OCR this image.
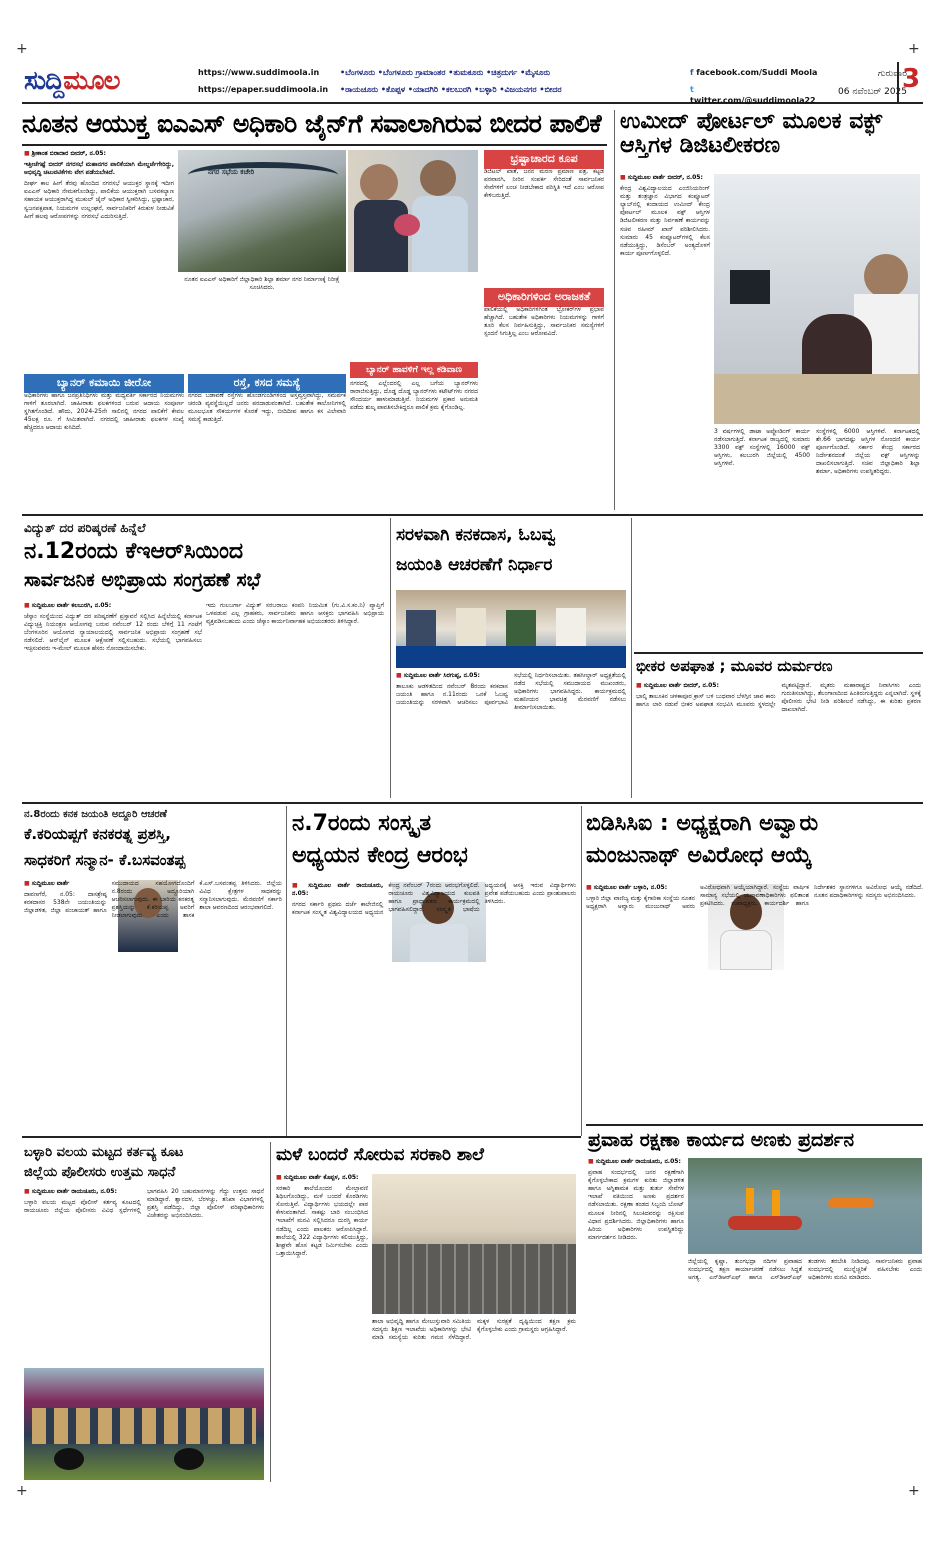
+	+
+	+
ಸುದ್ದಿಮೂಲ	https://www.suddimoola.in
https://epaper.suddimoola.in
•ಬೆಂಗಳೂರು •ಬೆಂಗಳೂರು ಗ್ರಾಮಾಂತರ •ತುಮಕೂರು •ಚಿತ್ರದುರ್ಗ •ಮೈಸೂರು
•ರಾಯಚೂರು •ಕೊಪ್ಪಳ •ಯಾದಗಿರಿ •ಕಲಬುರಗಿ •ಬಳ್ಳಾರಿ •ವಿಜಯನಗರ •ಬೀದರ
f facebook.com/Suddi Moola
t twitter.com/@suddimoola22
ಗುರುವಾರ
06 ನವೆಂಬರ್ 2025
3
ನೂತನ ಆಯುಕ್ತ ಐಎಎಸ್ ಅಧಿಕಾರಿ ಜೈನ್‌ಗೆ ಸವಾಲಾಗಿರುವ ಬೀದರ ಪಾಲಿಕೆ

■ ಶ್ರೀಕಾಂತ ಬಿರಾದಾರ ಬೀದರ್, ನ.05:

ಇತ್ತೀಚೆಗಷ್ಟೆ ಬೀದರ್ ನಗರಸಭೆ ಮಹಾನಗರ ಪಾಲಿಕೆಯಾಗಿ ಮೇಲ್ದರ್ಜೆಗೇರಿದ್ದು, ಅಭಿವೃದ್ಧಿ ಚಟುವಟಿಕೆಗಳು ವೇಗ ಪಡೆಯಬೇಕಿದೆ.

ದೀರ್ಘ ಕಾಲ ಹೀಗೆ ತೆರವು ಹೊಂದಿದ ನಗರಸಭೆ ಆಯುಕ್ತರ ಸ್ಥಾನಕ್ಕೆ ಇದೀಗ ಐಎಎಸ್ ಅಧಿಕಾರಿ ನೇಮಕಗೊಂಡಿದ್ದು, ಪಾಲಿಕೆಯ ಆಯುಕ್ತರಾಗಿ ಬಸವಕಲ್ಯಾಣ ಸಹಾಯಕ ಆಯುಕ್ತರಾಗಿದ್ದ ಮುಕುಲ್ ಜೈನ್ ಅಧಿಕಾರ ಸ್ವೀಕರಿಸಿದ್ದು, ಭ್ರಷ್ಟಾಚಾರ, ಸ್ವಜನಪಕ್ಷಪಾತ, ನಿಯಮಗಳ ಉಲ್ಲಂಘನೆ, ಸಾರ್ವಜನಿಕರಿಗೆ ಕಿರುಕುಳ ನೀಡುವಿಕೆ ಹೀಗೆ ಹಲವು ಆರೋಪಗಳನ್ನು ನಗರಸಭೆ ಎದುರಿಸುತ್ತಿದೆ.

ನಗರ ಸಭೆಯ ಕಚೇರಿ
ನೂತನ ಐಎಎಸ್ ಅಧಿಕಾರಿಗೆ ಜಿಲ್ಲಾಧಿಕಾರಿ ಶಿಲ್ಪಾ ಶರ್ಮಾ ನಗರ ನಿರ್ಮಾಣಕ್ಕೆ ನಿರೀಕ್ಷೆ ಸೂಚಿಸಿದರು.
ಭ್ರಷ್ಟಾಚಾರದ ಕೂಪ

ಡಿಜಿಟಲ್ ಖಾತೆ, ಜನನ ಮರಣ ಪ್ರಮಾಣ ಪತ್ರ, ಕಟ್ಟಡ ಪರವಾನಗಿ, ನೀರಿನ ಸಂಪರ್ಕ ಸೇರಿದಂತೆ ಸಾರ್ವಜನಿಕರ ಸೇವೆಗಳಿಗೆ ಲಂಚ ನೀಡಬೇಕಾದ ಪರಿಸ್ಥಿತಿ ಇದೆ ಎಂಬ ಆರೋಪ ಕೇಳಿಬರುತ್ತಿದೆ.

ಅಧಿಕಾರಿಗಳಿಂದ ಅರಾಜಕತೆ

ಪಾಲಿಕೆಯಲ್ಲಿ ಅಧಿಕಾರಿಗಳಿಗಿಂತ ಬ್ರೋಕರ್‌ಗಳ ಪ್ರಭಾವ ಹೆಚ್ಚಾಗಿದೆ. ಬಹುತೇಕ ಅಧಿಕಾರಿಗಳು ನಿಯಮಗಳನ್ನು ಗಾಳಿಗೆ ತೂರಿ ಕೆಲಸ ನಿರ್ವಹಿಸುತ್ತಿದ್ದು, ಸಾರ್ವಜನಿಕರ ಸಮಸ್ಯೆಗಳಿಗೆ ಸ್ಪಂದನೆ ಸಿಗುತ್ತಿಲ್ಲ ಎಂಬ ಆರೋಪವಿದೆ.

ಬ್ಯಾನರ್ ಕಮಾಯಿ ಜೀರೋ

ಅಧಿಕಾರಿಗಳು ಹಾಗೂ ಜನಪ್ರತಿನಿಧಿಗಳು ಮತ್ತು ಮಧ್ಯವರ್ತಿ ಸರ್ಕಾರದ ನಿಯಮಗಳು ಗಾಳಿಗೆ ತೂರಲಾಗಿದೆ. ಜಾಹೀರಾತು ಫಲಕಗಳಿಂದ ಬರುವ ಆದಾಯ ಸಂಪೂರ್ಣ ಸ್ಥಗಿತಗೊಂಡಿದೆ. ಹೌದು, 2024-25ನೇ ಸಾಲಿನಲ್ಲಿ ನಗರದ ಪಾಲಿಕೆಗೆ ಕೇವಲ 45ಲಕ್ಷ ರೂ. ಗೆ ಸೀಮಿತವಾಗಿದೆ. ನಗರದಲ್ಲಿ ಜಾಹೀರಾತು ಫಲಕಗಳ ಸಂಖ್ಯೆ ಹೆಚ್ಚಿದರೂ ಆದಾಯ ಕುಸಿದಿದೆ.

ರಸ್ತೆ, ಕಸದ ಸಮಸ್ಯೆ

ನಗರದ ಬಡಾವಣೆ ರಸ್ತೆಗಳು ಹೊಂಡಗುಂಡಿಗಳಿಂದ ಅಸ್ತವ್ಯಸ್ತವಾಗಿದ್ದು, ಸಮರ್ಪಕ ಚರಂಡಿ ವ್ಯವಸ್ಥೆಯಿಲ್ಲದೆ ಜನರು ಪರದಾಡುವಂತಾಗಿದೆ. ಬಹುತೇಕ ಕಾಲೋನಿಗಳಲ್ಲಿ ಮೂಲಭೂತ ಸೌಕರ್ಯಗಳ ಕೊರತೆ ಇದ್ದು, ಬೀದಿದೀಪ ಹಾಗೂ ಕಸ ವಿಲೇವಾರಿ ಸಮಸ್ಯೆ ಕಾಡುತ್ತಿದೆ.

ಬ್ಯಾನರ್ ಹಾವಳಿಗೆ ಇಲ್ಲ ಕಡಿವಾಣ

ನಗರದಲ್ಲಿ ಎಲ್ಲೆಂದರಲ್ಲಿ ಎಲ್ಲ ಬಗೆಯ ಬ್ಯಾನರ್‌ಗಳು ರಾರಾಜಿಸುತ್ತಿದ್ದು, ದೊಡ್ಡ ದೊಡ್ಡ ಬ್ಯಾನರ್‌ಗಳು ಕಟೌಟ್‌ಗಳು ನಗರದ ಸೌಂದರ್ಯ ಹಾಳುಮಾಡುತ್ತಿವೆ. ನಿಯಮಗಳ ಪ್ರಕಾರ ಅನುಮತಿ ಪಡೆದು ಶುಲ್ಕ ಪಾವತಿಸಬೇಕಿದ್ದರೂ ಪಾಲಿಕೆ ಕ್ರಮ ಕೈಗೊಂಡಿಲ್ಲ.

ಉಮೀದ್ ಪೋರ್ಟಲ್ ಮೂಲಕ ವಕ್ಫ್ ಆಸ್ತಿಗಳ ಡಿಜಿಟಲೀಕರಣ

■ ಸುದ್ದಿಮೂಲ ವಾರ್ತೆ ಬೀದರ್, ನ.05:

ಕೇಂದ್ರ ವಿಶ್ವವಿದ್ಯಾಲಯದ ಎಂಜಿನಿಯರಿಂಗ್ ಮತ್ತು ತಂತ್ರಜ್ಞಾನ ವಿಭಾಗದ ಕಂಪ್ಯೂಟರ್ ಲ್ಯಾಬ್‌ನಲ್ಲಿ ಕಂದಾಯದ ಉಮೀದ್ ಕೇಂದ್ರ ಪೋರ್ಟಲ್ ಮೂಲಕ ವಕ್ಫ್ ಆಸ್ತಿಗಳ ಡಿಜಿಟಲೀಕರಣ ಮತ್ತು ನಿರ್ವಹಣೆ ಕಾರ್ಯವನ್ನು ಸಚಿವ ರಹೀಮ್ ಖಾನ್ ಪರಿಶೀಲಿಸಿದರು. ಸುಮಾರು 45 ಕಂಪ್ಯೂಟರ್‌ಗಳಲ್ಲಿ ಕೆಲಸ ನಡೆಯುತ್ತಿದ್ದು, ಡಿಸೆಂಬರ್ ಅಂತ್ಯದೊಳಗೆ ಕಾರ್ಯ ಪೂರ್ಣಗೊಳ್ಳಲಿದೆ.

3 ವರ್ಷಗಳಲ್ಲಿ ಡಾಟಾ ಅಪ್ಲೋಡಿಂಗ್ ಕಾರ್ಯ ನಡೆಸಲಾಗುತ್ತಿದೆ. ಕರ್ನಾಟಕ ರಾಜ್ಯದಲ್ಲಿ ಸುಮಾರು 3300 ವಕ್ಫ್ ಸಂಸ್ಥೆಗಳಲ್ಲಿ 16000 ವಕ್ಫ್ ಆಸ್ತಿಗಳು, ಕಲಬುರಗಿ ಜಿಲ್ಲೆಯಲ್ಲಿ 4500 ಆಸ್ತಿಗಳಿವೆ.

ಸಂಸ್ಥೆಗಳಲ್ಲಿ 6000 ಆಸ್ತಿಗಳಿವೆ. ಕರ್ನಾಟಕದಲ್ಲಿ ಶೇ.66 ಭಾಗದಷ್ಟು ಆಸ್ತಿಗಳ ನೋಂದಣಿ ಕಾರ್ಯ ಪೂರ್ಣಗೊಂಡಿದೆ. ಸರ್ಕಾರ ಕೇಂದ್ರ ಸರ್ಕಾರದ ನಿರ್ದೇಶನದಂತೆ ಜಿಲ್ಲೆಯ ವಕ್ಫ್ ಆಸ್ತಿಗಳನ್ನು ದಾಖಲಿಸಲಾಗುತ್ತಿದೆ. ಸಚಿವ ಜಿಲ್ಲಾಧಿಕಾರಿ ಶಿಲ್ಪಾ ಶರ್ಮಾ, ಅಧಿಕಾರಿಗಳು ಉಪಸ್ಥಿತರಿದ್ದರು.

ವಿದ್ಯುತ್ ದರ ಪರಿಷ್ಕರಣೆ ಹಿನ್ನೆಲೆ
ನ.12ರಂದು ಕೆಇಆರ್‌ಸಿಯಿಂದ
ಸಾರ್ವಜನಿಕ ಅಭಿಪ್ರಾಯ ಸಂಗ್ರಹಣೆ ಸಭೆ

■ ಸುದ್ದಿಮೂಲ ವಾರ್ತೆ ಕಲಬುರಗಿ, ನ.05:

ಜೆಸ್ಕಾಂ ಸಂಸ್ಥೆಯಿಂದ ವಿದ್ಯುತ್ ದರ ಪರಿಷ್ಕರಣೆಗೆ ಪ್ರಸ್ತಾವನೆ ಸಲ್ಲಿಸಿದ ಹಿನ್ನೆಲೆಯಲ್ಲಿ ಕರ್ನಾಟಕ ವಿದ್ಯುಚ್ಛಕ್ತಿ ನಿಯಂತ್ರಣ ಆಯೋಗವು ಬರುವ ನವೆಂಬರ್ 12 ರಂದು ಬೆಳಿಗ್ಗೆ 11 ಗಂಟೆಗೆ ಬೆಂಗಳೂರಿನ ಆಯೋಗದ ನ್ಯಾಯಾಲಯದಲ್ಲಿ ಸಾರ್ವಜನಿಕ ಅಭಿಪ್ರಾಯ ಸಂಗ್ರಹಣೆ ಸಭೆ ನಡೆಸಲಿದೆ. ಆನ್‌ಲೈನ್ ಮೂಲಕ ಆಕ್ಷೇಪಣೆ ಸಲ್ಲಿಸಬಹುದು. ಸಭೆಯಲ್ಲಿ ಭಾಗವಹಿಸಲು ಇಚ್ಛಿಸುವವರು ಇ-ಮೇಲ್ ಮೂಲಕ ಹೆಸರು ನೋಂದಾಯಿಸಬೇಕು.

ಇದು ಗುಲಬರ್ಗಾ ವಿದ್ಯುತ್ ಸರಬರಾಜು ಕಂಪನಿ ನಿಯಮಿತ (ಗು.ವಿ.ಸ.ಕಂ.ನಿ) ವ್ಯಾಪ್ತಿಗೆ ಒಳಪಡುವ ಎಲ್ಲ ಗ್ರಾಹಕರು, ಸಾರ್ವಜನಿಕರು ಹಾಗೂ ಆಸಕ್ತರು ಭಾಗವಹಿಸಿ ಅಭಿಪ್ರಾಯ ವ್ಯಕ್ತಪಡಿಸಬಹುದು ಎಂದು ಜೆಸ್ಕಾಂ ಕಾರ್ಯನಿರ್ವಾಹಕ ಅಭಿಯಂತರರು ತಿಳಿಸಿದ್ದಾರೆ.

ಸರಳವಾಗಿ ಕನಕದಾಸ, ಓಬವ್ವ
ಜಯಂತಿ ಆಚರಣೆಗೆ ನಿರ್ಧಾರ

■ ಸುದ್ದಿಮೂಲ ವಾರ್ತೆ ಸಿರಗುಪ್ಪ, ನ.05:

ತಾಲೂಕು ಆಡಳಿತದಿಂದ ನವೆಂಬರ್ 8ರಂದು ಕನಕದಾಸ ಜಯಂತಿ ಹಾಗೂ ನ.11ರಂದು ಒನಕೆ ಓಬವ್ವ ಜಯಂತಿಯನ್ನು ಸರಳವಾಗಿ ಆಚರಿಸಲು ಪೂರ್ವಭಾವಿ ಸಭೆಯಲ್ಲಿ ನಿರ್ಧರಿಸಲಾಯಿತು. ತಹಸೀಲ್ದಾರ್ ಅಧ್ಯಕ್ಷತೆಯಲ್ಲಿ ನಡೆದ ಸಭೆಯಲ್ಲಿ ಸಮುದಾಯದ ಮುಖಂಡರು, ಅಧಿಕಾರಿಗಳು ಭಾಗವಹಿಸಿದ್ದರು. ಕಾರ್ಯಕ್ರಮದಲ್ಲಿ ಮಹನೀಯರ ಭಾವಚಿತ್ರ ಮೆರವಣಿಗೆ ನಡೆಸಲು ತೀರ್ಮಾನಿಸಲಾಯಿತು.

ಭೀಕರ ಅಪಘಾತ ; ಮೂವರ ದುರ್ಮರಣ

■ ಸುದ್ದಿಮೂಲ ವಾರ್ತೆ ಬೀದರ್, ನ.05:

ಭಾಲ್ಕಿ ತಾಲೂಕಿನ ಚಳಕಾಪೂರ ಕ್ರಾಸ್ ಬಳಿ ಬುಧವಾರ ಬೆಳಗ್ಗಿನ ಜಾವ ಕಾರು ಹಾಗೂ ಲಾರಿ ನಡುವೆ ಭೀಕರ ಅಪಘಾತ ಸಂಭವಿಸಿ ಮೂವರು ಸ್ಥಳದಲ್ಲೇ ಮೃತಪಟ್ಟಿದ್ದಾರೆ. ಮೃತರು ಮಹಾರಾಷ್ಟ್ರದ ನಿವಾಸಿಗಳು ಎಂದು ಗುರುತಿಸಲಾಗಿದ್ದು, ತೆಲಂಗಾಣದಿಂದ ಹಿಂತಿರುಗುತ್ತಿದ್ದರು ಎನ್ನಲಾಗಿದೆ. ಸ್ಥಳಕ್ಕೆ ಪೊಲೀಸರು ಭೇಟಿ ನೀಡಿ ಪರಿಶೀಲನೆ ನಡೆಸಿದ್ದು, ಈ ಕುರಿತು ಪ್ರಕರಣ ದಾಖಲಾಗಿದೆ.

ನ.8ರಂದು ಕನಕ ಜಯಂತಿ ಅದ್ದೂರಿ ಆಚರಣೆ
ಕೆ.ಕರಿಯಪ್ಪಗೆ ಕನಕರತ್ನ ಪ್ರಶಸ್ತಿ,
ಸಾಧಕರಿಗೆ ಸನ್ಮಾನ- ಕೆ.ಬಸವಂತಪ್ಪ

■ ಸುದ್ದಿಮೂಲ ವಾರ್ತೆ

ದಾವಣಗೆರೆ, ನ.05: ದಾಸಶ್ರೇಷ್ಠ ಕನಕದಾಸರ 538ನೇ ಜಯಂತಿಯನ್ನು ಜಿಲ್ಲಾಡಳಿತ, ಜಿಲ್ಲಾ ಪಂಚಾಯತ್ ಹಾಗೂ ಸಮುದಾಯದ ಸಹಯೋಗದೊಂದಿಗೆ ನ.8ರಂದು ಅದ್ದೂರಿಯಾಗಿ ಆಚರಿಸಲಾಗುವುದು. ಈ ಬಾರಿಯ ಕನಕರತ್ನ ಪ್ರಶಸ್ತಿಯನ್ನು ಕೆ.ಕರಿಯಪ್ಪ ಅವರಿಗೆ ನೀಡಲಾಗುವುದು ಎಂದು ಶಾಸಕ ಕೆ.ಎಸ್.ಬಸವಂತಪ್ಪ ತಿಳಿಸಿದರು. ಜಿಲ್ಲೆಯ ವಿವಿಧ ಕ್ಷೇತ್ರಗಳ ಸಾಧಕರನ್ನು ಸನ್ಮಾನಿಸಲಾಗುವುದು. ಮೆರವಣಿಗೆ ಸರ್ಕಾರಿ ಶಾಲಾ ಆವರಣದಿಂದ ಆರಂಭವಾಗಲಿದೆ.

ನ.7ರಂದು ಸಂಸ್ಕೃತ
ಅಧ್ಯಯನ ಕೇಂದ್ರ ಆರಂಭ

■ ಸುದ್ದಿಮೂಲ ವಾರ್ತೆ ರಾಯಚೂರು, ನ.05:

ನಗರದ ಸರ್ಕಾರಿ ಪ್ರಥಮ ದರ್ಜೆ ಕಾಲೇಜಿನಲ್ಲಿ ಕರ್ನಾಟಕ ಸಂಸ್ಕೃತ ವಿಶ್ವವಿದ್ಯಾಲಯದ ಅಧ್ಯಯನ ಕೇಂದ್ರ ನವೆಂಬರ್ 7ರಂದು ಆರಂಭಗೊಳ್ಳಲಿದೆ. ರಾಯಚೂರು ವಿಶ್ವವಿದ್ಯಾಲಯದ ಕುಲಪತಿ ಹಾಗೂ ಪ್ರಾಧ್ಯಾಪಕರು ಕಾರ್ಯಕ್ರಮದಲ್ಲಿ ಭಾಗವಹಿಸಲಿದ್ದಾರೆ. ಸಂಸ್ಕೃತ ಭಾಷೆಯ ಅಧ್ಯಯನಕ್ಕೆ ಆಸಕ್ತಿ ಇರುವ ವಿದ್ಯಾರ್ಥಿಗಳು ಪ್ರವೇಶ ಪಡೆಯಬಹುದು ಎಂದು ಪ್ರಾಂಶುಪಾಲರು ತಿಳಿಸಿದರು.

ಬಿಡಿಸಿಸಿಐ : ಅಧ್ಯಕ್ಷರಾಗಿ ಅವ್ವಾರು
ಮಂಜುನಾಥ್ ಅವಿರೋಧ ಆಯ್ಕೆ

■ ಸುದ್ದಿಮೂಲ ವಾರ್ತೆ ಬಳ್ಳಾರಿ, ನ.05:

ಬಳ್ಳಾರಿ ಜಿಲ್ಲಾ ವಾಣಿಜ್ಯ ಮತ್ತು ಕೈಗಾರಿಕಾ ಸಂಸ್ಥೆಯ ನೂತನ ಅಧ್ಯಕ್ಷರಾಗಿ ಅವ್ವಾರು ಮಂಜುನಾಥ್ ಅವರು ಅವಿರೋಧವಾಗಿ ಆಯ್ಕೆಯಾಗಿದ್ದಾರೆ. ಸಂಸ್ಥೆಯ ವಾರ್ಷಿಕ ಸಾಮಾನ್ಯ ಸಭೆಯಲ್ಲಿ ಚುನಾವಣಾಧಿಕಾರಿಗಳು ಫಲಿತಾಂಶ ಪ್ರಕಟಿಸಿದರು. ಉಪಾಧ್ಯಕ್ಷರು, ಕಾರ್ಯದರ್ಶಿ ಹಾಗೂ ನಿರ್ದೇಶಕರ ಸ್ಥಾನಗಳಿಗೂ ಅವಿರೋಧ ಆಯ್ಕೆ ನಡೆದಿದೆ. ನೂತನ ಪದಾಧಿಕಾರಿಗಳನ್ನು ಸದಸ್ಯರು ಅಭಿನಂದಿಸಿದರು.

ಪ್ರವಾಹ ರಕ್ಷಣಾ ಕಾರ್ಯದ ಅಣಕು ಪ್ರದರ್ಶನ

■ ಸುದ್ದಿಮೂಲ ವಾರ್ತೆ ರಾಯಚೂರು, ನ.05:

ಪ್ರವಾಹ ಸಂದರ್ಭದಲ್ಲಿ ಜನರ ರಕ್ಷಣೆಗಾಗಿ ಕೈಗೊಳ್ಳಬೇಕಾದ ಕ್ರಮಗಳ ಕುರಿತು ಜಿಲ್ಲಾಡಳಿತ ಹಾಗೂ ಅಗ್ನಿಶಾಮಕ ಮತ್ತು ತುರ್ತು ಸೇವೆಗಳ ಇಲಾಖೆ ವತಿಯಿಂದ ಅಣಕು ಪ್ರದರ್ಶನ ನಡೆಸಲಾಯಿತು. ರಕ್ಷಣಾ ತಂಡದ ಸಿಬ್ಬಂದಿ ಬೋಟ್ ಮೂಲಕ ನೀರಿನಲ್ಲಿ ಸಿಲುಕಿದವರನ್ನು ರಕ್ಷಿಸುವ ವಿಧಾನ ಪ್ರದರ್ಶಿಸಿದರು. ಜಿಲ್ಲಾಧಿಕಾರಿಗಳು ಹಾಗೂ ಹಿರಿಯ ಅಧಿಕಾರಿಗಳು ಉಪಸ್ಥಿತರಿದ್ದು ಮಾರ್ಗದರ್ಶನ ನೀಡಿದರು.

ಜಿಲ್ಲೆಯಲ್ಲಿ ಕೃಷ್ಣಾ, ತುಂಗಭದ್ರಾ ನದಿಗಳ ಪ್ರವಾಹದ ಸಂದರ್ಭದಲ್ಲಿ ತಕ್ಷಣ ಕಾರ್ಯಾಚರಣೆ ನಡೆಸಲು ಸಿದ್ಧತೆ ಅಗತ್ಯ. ಎನ್‌ಡಿಆರ್‌ಎಫ್ ಹಾಗೂ ಎಸ್‌ಡಿಆರ್‌ಎಫ್ ತಂಡಗಳು ತರಬೇತಿ ನೀಡಿದವು. ಸಾರ್ವಜನಿಕರು ಪ್ರವಾಹ ಸಂದರ್ಭದಲ್ಲಿ ಮುನ್ನೆಚ್ಚರಿಕೆ ವಹಿಸಬೇಕು ಎಂದು ಅಧಿಕಾರಿಗಳು ಮನವಿ ಮಾಡಿದರು.

ಬಳ್ಳಾರಿ ವಲಯ ಮಟ್ಟದ ಕರ್ತವ್ಯ ಕೂಟ
ಜಿಲ್ಲೆಯ ಪೊಲೀಸರು ಉತ್ತಮ ಸಾಧನೆ

■ ಸುದ್ದಿಮೂಲ ವಾರ್ತೆ ರಾಯಚೂರು, ನ.05:

ಬಳ್ಳಾರಿ ವಲಯ ಮಟ್ಟದ ಪೊಲೀಸ್ ಕರ್ತವ್ಯ ಕೂಟದಲ್ಲಿ ರಾಯಚೂರು ಜಿಲ್ಲೆಯ ಪೊಲೀಸರು ವಿವಿಧ ಸ್ಪರ್ಧೆಗಳಲ್ಲಿ ಭಾಗವಹಿಸಿ 20 ಬಹುಮಾನಗಳನ್ನು ಗೆದ್ದು ಉತ್ತಮ ಸಾಧನೆ ಮಾಡಿದ್ದಾರೆ. ಶ್ವಾನದಳ, ಬೆರಳಚ್ಚು, ತನಿಖಾ ವಿಭಾಗಗಳಲ್ಲಿ ಪ್ರಶಸ್ತಿ ಪಡೆದಿದ್ದು, ಜಿಲ್ಲಾ ಪೊಲೀಸ್ ವರಿಷ್ಠಾಧಿಕಾರಿಗಳು ವಿಜೇತರನ್ನು ಅಭಿನಂದಿಸಿದರು.

ಮಳೆ ಬಂದರೆ ಸೋರುವ ಸರಕಾರಿ ಶಾಲೆ

■ ಸುದ್ದಿಮೂಲ ವಾರ್ತೆ ಕೊಪ್ಪಳ, ನ.05:

ಸರಕಾರಿ ಶಾಲೆಯೊಂದರ ಮೇಲ್ಛಾವಣಿ ಶಿಥಿಲಗೊಂಡಿದ್ದು, ಮಳೆ ಬಂದರೆ ಕೊಠಡಿಗಳು ಸೋರುತ್ತಿವೆ. ವಿದ್ಯಾರ್ಥಿಗಳು ಭಯದಲ್ಲೇ ಪಾಠ ಕೇಳುವಂತಾಗಿದೆ. ಸಾಕಷ್ಟು ಬಾರಿ ಸಂಬಂಧಿಸಿದ ಇಲಾಖೆಗೆ ಮನವಿ ಸಲ್ಲಿಸಿದರೂ ದುರಸ್ತಿ ಕಾರ್ಯ ನಡೆದಿಲ್ಲ ಎಂದು ಪಾಲಕರು ಆರೋಪಿಸಿದ್ದಾರೆ. ಶಾಲೆಯಲ್ಲಿ 322 ವಿದ್ಯಾರ್ಥಿಗಳು ಕಲಿಯುತ್ತಿದ್ದು, ಶೀಘ್ರವೇ ಹೊಸ ಕಟ್ಟಡ ನಿರ್ಮಿಸಬೇಕು ಎಂದು ಒತ್ತಾಯಿಸಿದ್ದಾರೆ.

ಶಾಲಾ ಅಭಿವೃದ್ಧಿ ಹಾಗೂ ಮೇಲುಸ್ತುವಾರಿ ಸಮಿತಿಯ ಸದಸ್ಯರು ಶಿಕ್ಷಣ ಇಲಾಖೆಯ ಅಧಿಕಾರಿಗಳನ್ನು ಭೇಟಿ ಮಾಡಿ ಸಮಸ್ಯೆಯ ಕುರಿತು ಗಮನ ಸೆಳೆದಿದ್ದಾರೆ. ಮಕ್ಕಳ ಸುರಕ್ಷತೆ ದೃಷ್ಟಿಯಿಂದ ತಕ್ಷಣ ಕ್ರಮ ಕೈಗೊಳ್ಳಬೇಕು ಎಂದು ಗ್ರಾಮಸ್ಥರು ಆಗ್ರಹಿಸಿದ್ದಾರೆ.
